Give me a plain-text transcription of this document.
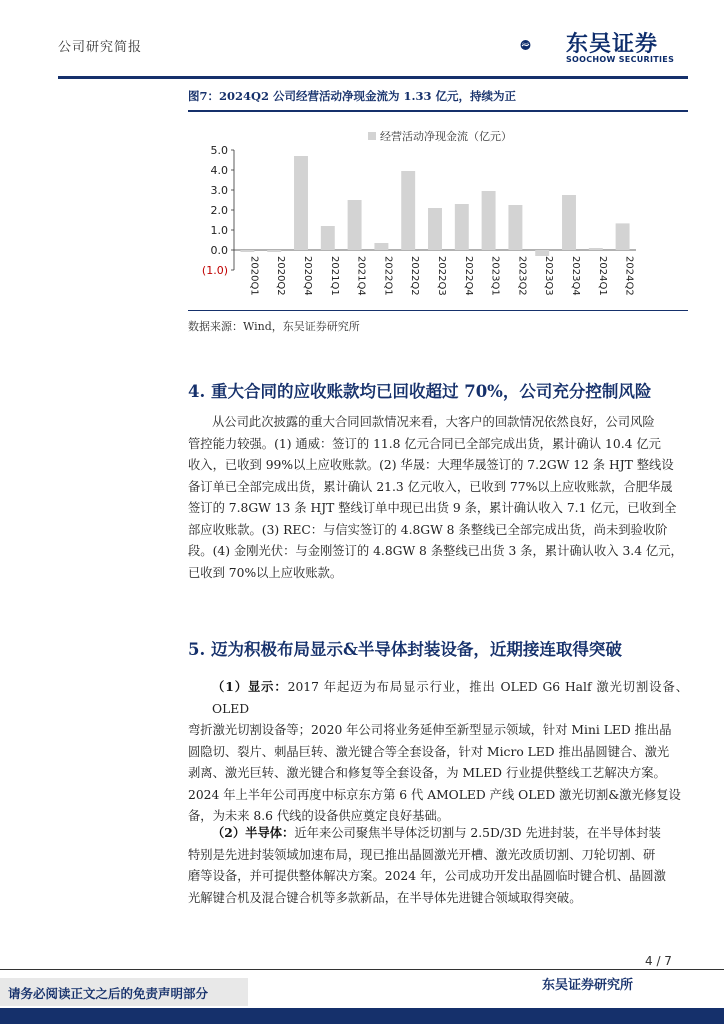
公司研究简报	东吴证券
SOOCHOW SECURITIES
图7：2024Q2 公司经营活动净现金流为 1.33 亿元，持续为正
5.0
4.0
3.0
2.0
1.0
0.0
(1.0) 2020Q1 2020Q2 2020Q4 2021Q1 2021Q4 2022Q1 2022Q2 2022Q3 2022Q4 2023Q1 2023Q2 2023Q3 2023Q4 2024Q1 2024Q2
经营活动净现金流（亿元）
数据来源：Wind，东吴证券研究所
4. 重大合同的应收账款均已回收超过 70%，公司充分控制风险
从公司此次披露的重大合同回款情况来看，大客户的回款情况依然良好，公司风险
管控能力较强。(1) 通威：签订的 11.8 亿元合同已全部完成出货，累计确认 10.4 亿元
收入，已收到 99%以上应收账款。(2) 华晟：大理华晟签订的 7.2GW 12 条 HJT 整线设
备订单已全部完成出货，累计确认 21.3 亿元收入，已收到 77%以上应收账款，合肥华晟
签订的 7.8GW 13 条 HJT 整线订单中现已出货 9 条，累计确认收入 7.1 亿元，已收到全
部应收账款。(3) REC：与信实签订的 4.8GW 8 条整线已全部完成出货，尚未到验收阶
段。(4) 金刚光伏：与金刚签订的 4.8GW 8 条整线已出货 3 条，累计确认收入 3.4 亿元，
已收到 70%以上应收账款。
5. 迈为积极布局显示&半导体封装设备，近期接连取得突破
（1）显示：2017 年起迈为布局显示行业，推出 OLED G6 Half 激光切割设备、OLED
弯折激光切割设备等；2020 年公司将业务延伸至新型显示领域，针对 Mini LED 推出晶
圆隐切、裂片、刺晶巨转、激光键合等全套设备，针对 Micro LED 推出晶圆键合、激光
剥离、激光巨转、激光键合和修复等全套设备，为 MLED 行业提供整线工艺解决方案。
2024 年上半年公司再度中标京东方第 6 代 AMOLED 产线 OLED 激光切割&激光修复设
备，为未来 8.6 代线的设备供应奠定良好基础。
（2）半导体：近年来公司聚焦半导体泛切割与 2.5D/3D 先进封装，在半导体封装
特别是先进封装领域加速布局，现已推出晶圆激光开槽、激光改质切割、刀轮切割、研
磨等设备，并可提供整体解决方案。2024 年，公司成功开发出晶圆临时键合机、晶圆激
光解键合机及混合键合机等多款新品，在半导体先进键合领域取得突破。
4 / 7
请务必阅读正文之后的免责声明部分
东吴证券研究所
